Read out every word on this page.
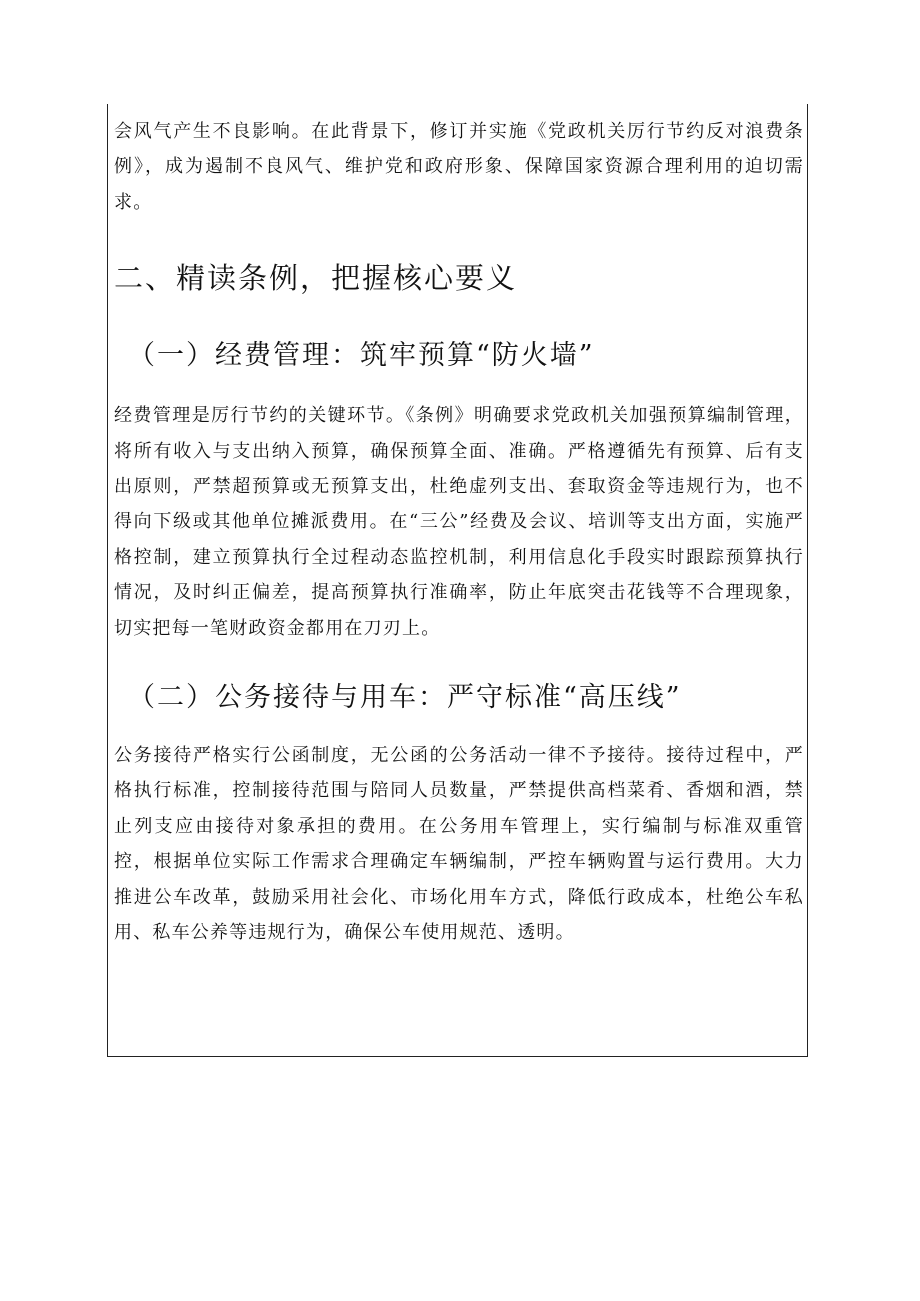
会风气产生不良影响。在此背景下，修订并实施《党政机关厉行节约反对浪费条例》，成为遏制不良风气、维护党和政府形象、保障国家资源合理利用的迫切需求。

二、精读条例，把握核心要义
（一）经费管理：筑牢预算“防火墙”

经费管理是厉行节约的关键环节。《条例》明确要求党政机关加强预算编制管理，将所有收入与支出纳入预算，确保预算全面、准确。严格遵循先有预算、后有支出原则，严禁超预算或无预算支出，杜绝虚列支出、套取资金等违规行为，也不得向下级或其他单位摊派费用。在“三公”经费及会议、培训等支出方面，实施严格控制，建立预算执行全过程动态监控机制，利用信息化手段实时跟踪预算执行情况，及时纠正偏差，提高预算执行准确率，防止年底突击花钱等不合理现象，切实把每一笔财政资金都用在刀刃上。

（二）公务接待与用车：严守标准“高压线”

公务接待严格实行公函制度，无公函的公务活动一律不予接待。接待过程中，严格执行标准，控制接待范围与陪同人员数量，严禁提供高档菜肴、香烟和酒，禁止列支应由接待对象承担的费用。在公务用车管理上，实行编制与标准双重管控，根据单位实际工作需求合理确定车辆编制，严控车辆购置与运行费用。大力推进公车改革，鼓励采用社会化、市场化用车方式，降低行政成本，杜绝公车私用、私车公养等违规行为，确保公车使用规范、透明。
